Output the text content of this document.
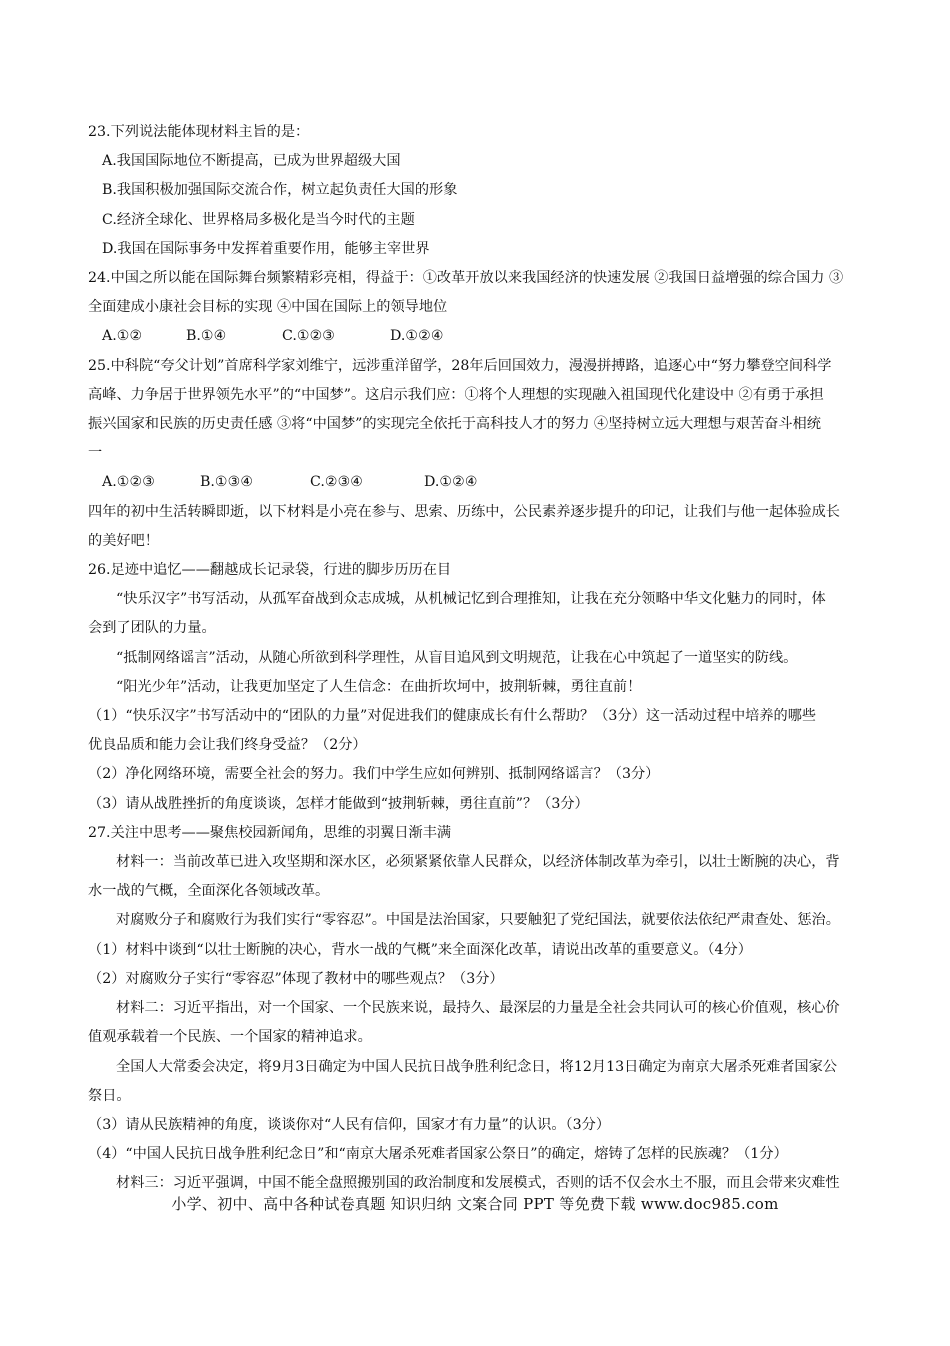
23.下列说法能体现材料主旨的是：
A.我国国际地位不断提高，已成为世界超级大国
B.我国积极加强国际交流合作，树立起负责任大国的形象
C.经济全球化、世界格局多极化是当今时代的主题
D.我国在国际事务中发挥着重要作用，能够主宰世界
24.中国之所以能在国际舞台频繁精彩亮相，得益于：①改革开放以来我国经济的快速发展 ②我国日益增强的综合国力 ③
全面建成小康社会目标的实现 ④中国在国际上的领导地位
A.①②	B.①④	C.①②③	D.①②④
25.中科院“夸父计划”首席科学家刘维宁，远涉重洋留学，28年后回国效力，漫漫拼搏路，追逐心中“努力攀登空间科学
高峰、力争居于世界领先水平”的“中国梦”。这启示我们应：①将个人理想的实现融入祖国现代化建设中 ②有勇于承担
振兴国家和民族的历史责任感 ③将“中国梦”的实现完全依托于高科技人才的努力 ④坚持树立远大理想与艰苦奋斗相统
一
A.①②③	B.①③④	C.②③④	D.①②④
四年的初中生活转瞬即逝，以下材料是小亮在参与、思索、历练中，公民素养逐步提升的印记，让我们与他一起体验成长
的美好吧！
26.足迹中追忆——翻越成长记录袋，行进的脚步历历在目
“快乐汉字”书写活动，从孤军奋战到众志成城，从机械记忆到合理推知，让我在充分领略中华文化魅力的同时，体
会到了团队的力量。
“抵制网络谣言”活动，从随心所欲到科学理性，从盲目追风到文明规范，让我在心中筑起了一道坚实的防线。
“阳光少年”活动，让我更加坚定了人生信念：在曲折坎坷中，披荆斩棘，勇往直前！
（1）“快乐汉字”书写活动中的“团队的力量”对促进我们的健康成长有什么帮助？（3分）这一活动过程中培养的哪些
优良品质和能力会让我们终身受益？（2分）
（2）净化网络环境，需要全社会的努力。我们中学生应如何辨别、抵制网络谣言？（3分）
（3）请从战胜挫折的角度谈谈，怎样才能做到“披荆斩棘，勇往直前”？（3分）
27.关注中思考——聚焦校园新闻角，思维的羽翼日渐丰满
材料一：当前改革已进入攻坚期和深水区，必须紧紧依靠人民群众，以经济体制改革为牵引，以壮士断腕的决心，背
水一战的气概，全面深化各领域改革。
对腐败分子和腐败行为我们实行“零容忍”。中国是法治国家，只要触犯了党纪国法，就要依法依纪严肃查处、惩治。
（1）材料中谈到“以壮士断腕的决心，背水一战的气概”来全面深化改革，请说出改革的重要意义。（4分）
（2）对腐败分子实行“零容忍”体现了教材中的哪些观点？（3分）
材料二：习近平指出，对一个国家、一个民族来说，最持久、最深层的力量是全社会共同认可的核心价值观，核心价
值观承载着一个民族、一个国家的精神追求。
全国人大常委会决定，将9月3日确定为中国人民抗日战争胜利纪念日，将12月13日确定为南京大屠杀死难者国家公
祭日。
（3）请从民族精神的角度，谈谈你对“人民有信仰，国家才有力量”的认识。（3分）
（4）“中国人民抗日战争胜利纪念日”和“南京大屠杀死难者国家公祭日”的确定，熔铸了怎样的民族魂？（1分）
材料三：习近平强调，中国不能全盘照搬别国的政治制度和发展模式，否则的话不仅会水土不服，而且会带来灾难性
小学、初中、高中各种试卷真题 知识归纳 文案合同 PPT 等免费下载 www.doc985.com
